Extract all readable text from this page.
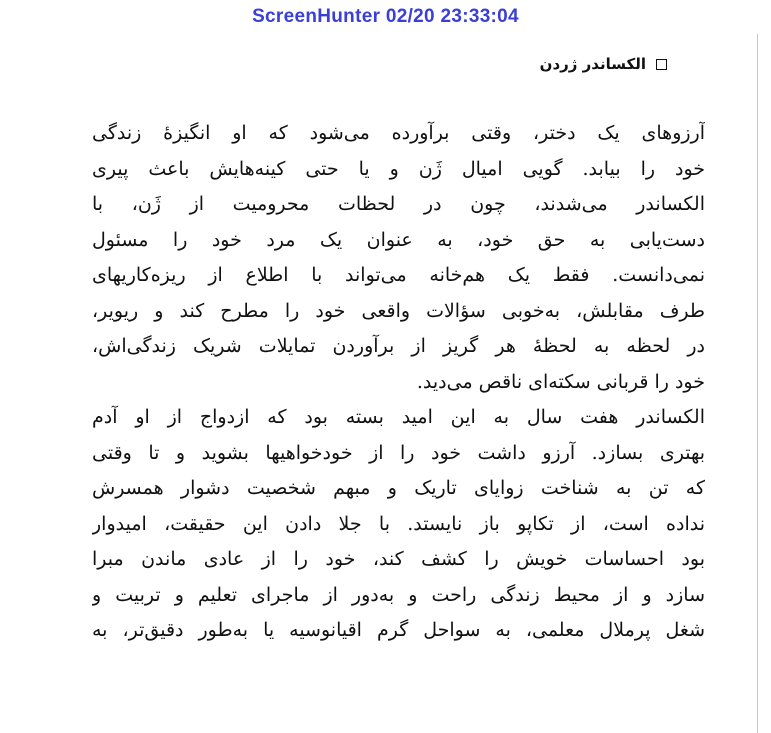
ScreenHunter 02/20 23:33:04
الکساندر ژردن
آرزوهای یک دختر، وقتی برآورده می‌شود که او انگیزهٔ زندگی
خود را بیابد. گویی امیال ژَن و یا حتی کینه‌هایش باعث پیری
الکساندر می‌شدند، چون در لحظات محرومیت از ژَن، با
دست‌یابی به حق خود، به عنوان یک مرد خود را مسئول
نمی‌دانست. فقط یک هم‌خانه می‌تواند با اطلاع از ریزه‌کاریهای
طرف مقابلش، به‌خوبی سؤالات واقعی خود را مطرح کند و ریویر،
در لحظه به لحظهٔ هر گریز از برآوردن تمایلات شریک زندگی‌اش،
خود را قربانی سکته‌ای ناقص می‌دید.
الکساندر هفت سال به این امید بسته بود که ازدواج از او آدم
بهتری بسازد. آرزو داشت خود را از خودخواهیها بشوید و تا وقتی
که تن به شناخت زوایای تاریک و مبهم شخصیت دشوار همسرش
نداده است، از تکاپو باز نایستد. با جلا دادن این حقیقت، امیدوار
بود احساسات خویش را کشف کند، خود را از عادی ماندن مبرا
سازد و از محیط زندگی راحت و به‌دور از ماجرای تعلیم و تربیت و
شغل پرملال معلمی، به سواحل گرم اقیانوسیه یا به‌طور دقیق‌تر، به
